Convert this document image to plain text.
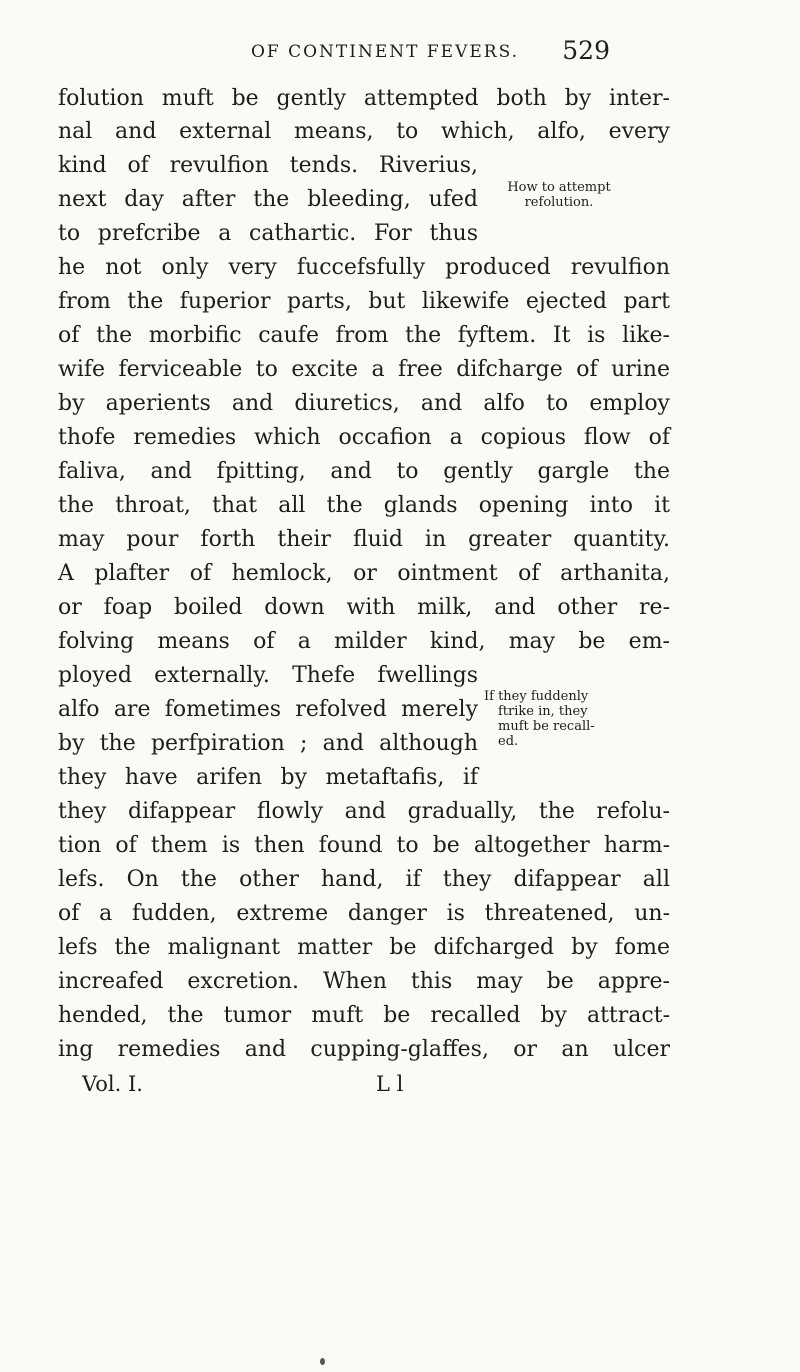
OF CONTINENT FEVERS. 529
folution muft be gently attempted both by inter-
nal and external means, to which, alfo, every
kind of revulfion tends. Riverius,
next day after the bleeding, ufed
to prefcribe a cathartic. For thus
he not only very fuccefsfully produced revulfion
from the fuperior parts, but likewife ejected part
of the morbific caufe from the fyftem. It is like-
wife ferviceable to excite a free difcharge of urine
by aperients and diuretics, and alfo to employ
thofe remedies which occafion a copious flow of
faliva, and fpitting, and to gently gargle the
the throat, that all the glands opening into it
may pour forth their fluid in greater quantity.
A plafter of hemlock, or ointment of arthanita,
or foap boiled down with milk, and other re-
folving means of a milder kind, may be em-
ployed externally. Thefe fwellings
alfo are fometimes refolved merely
by the perfpiration ; and although
they have arifen by metaftafis, if
they difappear flowly and gradually, the refolu-
tion of them is then found to be altogether harm-
lefs. On the other hand, if they difappear all
of a fudden, extreme danger is threatened, un-
lefs the malignant matter be difcharged by fome
increafed excretion. When this may be appre-
hended, the tumor muft be recalled by attract-
ing remedies and cupping-glaffes, or an ulcer
How to attempt
refolution.
If they fuddenly
ftrike in, they
muft be recall-
ed.
Vol. I.	L l
